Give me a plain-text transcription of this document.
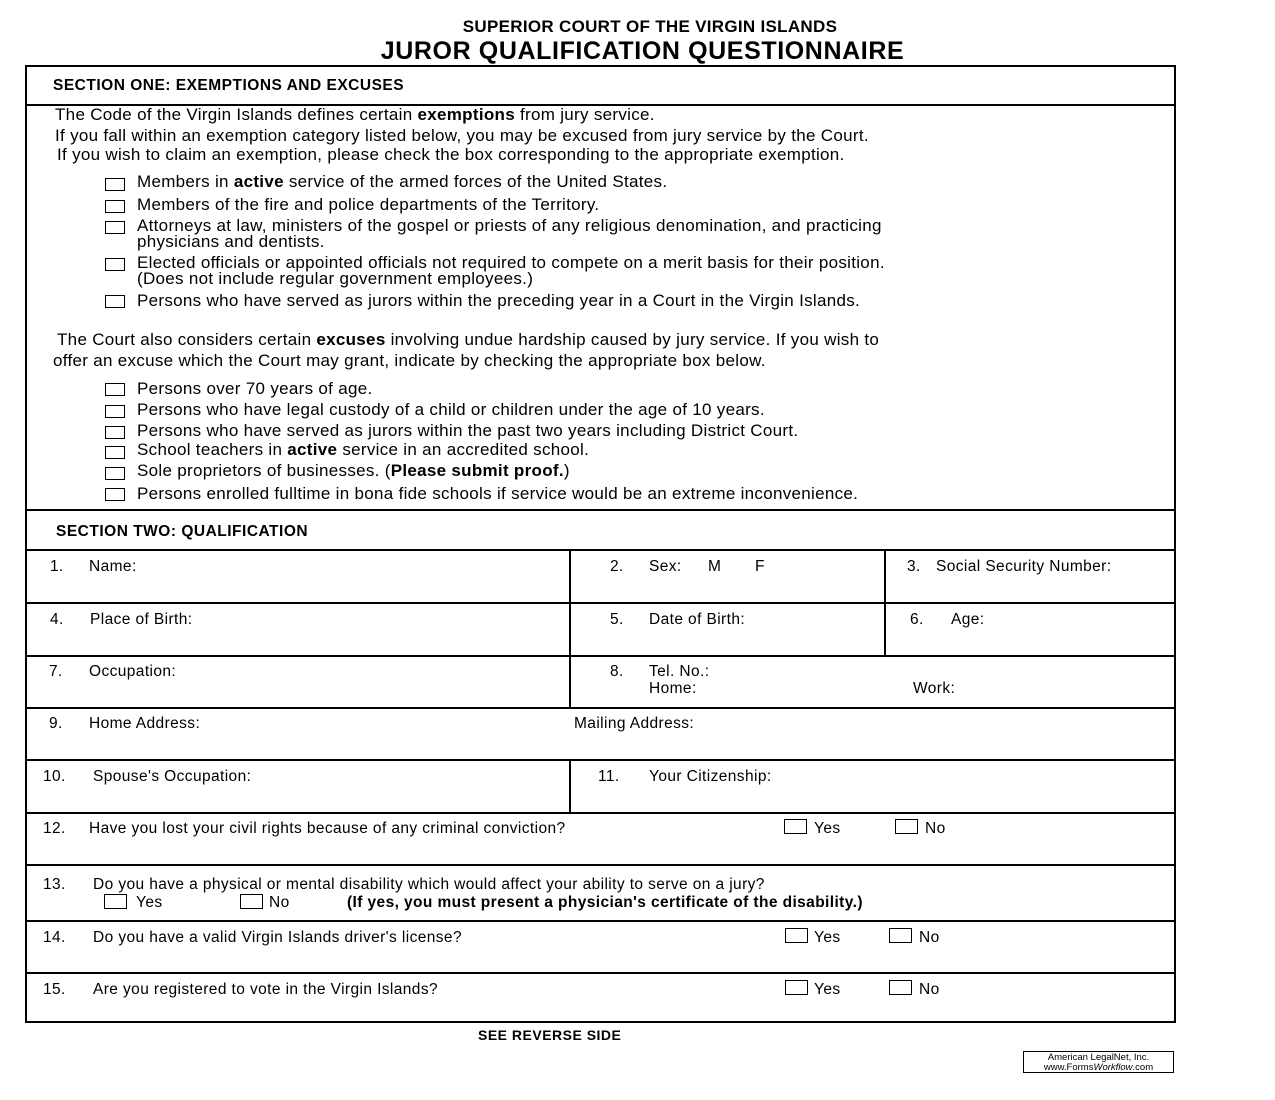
SUPERIOR COURT OF THE VIRGIN ISLANDS
JUROR QUALIFICATION QUESTIONNAIRE
SECTION ONE: EXEMPTIONS AND EXCUSES
The Code of the Virgin Islands defines certain exemptions from jury service.
If you fall within an exemption category listed below, you may be excused from jury service by the Court.
If you wish to claim an exemption, please check the box corresponding to the appropriate exemption.
Members in active service of the armed forces of the United States.
Members of the fire and police departments of the Territory.
Attorneys at law, ministers of the gospel or priests of any religious denomination, and practicing
physicians and dentists.
Elected officials or appointed officials not required to compete on a merit basis for their position.
(Does not include regular government employees.)
Persons who have served as jurors within the preceding year in a Court in the Virgin Islands.
The Court also considers certain excuses involving undue hardship caused by jury service. If you wish to
offer an excuse which the Court may grant, indicate by checking the appropriate box below.
Persons over 70 years of age.
Persons who have legal custody of a child or children under the age of 10 years.
Persons who have served as jurors within the past two years including District Court.
School teachers in active service in an accredited school.
Sole proprietors of businesses. (Please submit proof.)
Persons enrolled fulltime in bona fide schools if service would be an extreme inconvenience.
SECTION TWO: QUALIFICATION
1. Name:	2. Sex: M F	3. Social Security Number:
4. Place of Birth:	5. Date of Birth:	6. Age:
7. Occupation:	8. Tel. No.:
Home:	Work:
9. Home Address:	Mailing Address:
10. Spouse's Occupation:	11. Your Citizenship:
12. Have you lost your civil rights because of any criminal conviction?	Yes	No
13. Do you have a physical or mental disability which would affect your ability to serve on a jury?
Yes	No	(If yes, you must present a physician's certificate of the disability.)
14. Do you have a valid Virgin Islands driver's license?	Yes	No
15. Are you registered to vote in the Virgin Islands?	Yes	No
SEE REVERSE SIDE
American LegalNet, Inc.
www.FormsWorkflow.com
